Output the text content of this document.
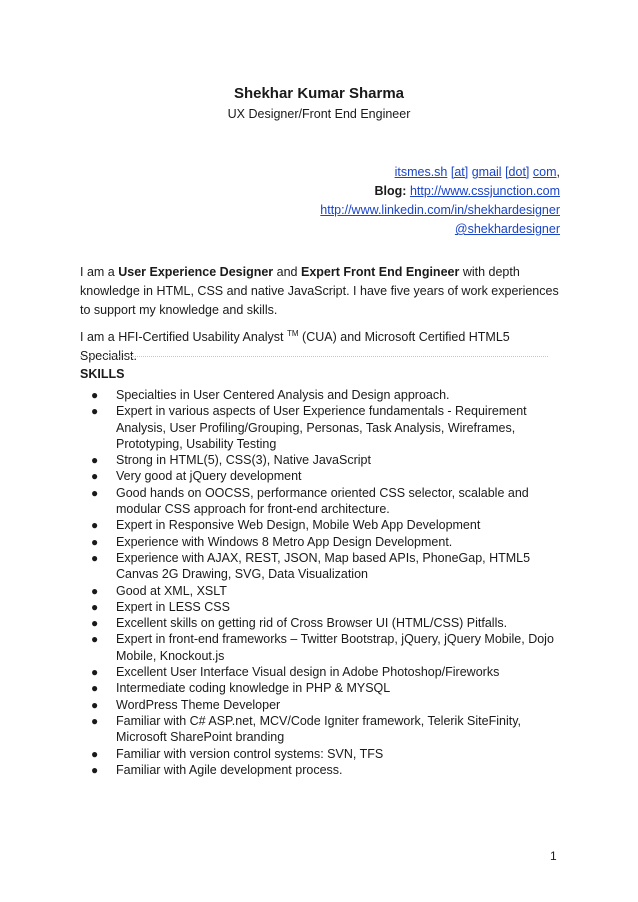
Shekhar Kumar Sharma
UX Designer/Front End Engineer
itsmes.sh [at] gmail [dot] com,
Blog: http://www.cssjunction.com
http://www.linkedin.com/in/shekhardesigner
@shekhardesigner
I am a User Experience Designer and Expert Front End Engineer with depth knowledge in HTML, CSS and native JavaScript. I have five years of work experiences to support my knowledge and skills.
I am a HFI-Certified Usability Analyst ™ (CUA) and Microsoft Certified HTML5 Specialist.
SKILLS
● Specialties in User Centered Analysis and Design approach.
● Expert in various aspects of User Experience fundamentals - Requirement Analysis, User Profiling/Grouping, Personas, Task Analysis, Wireframes, Prototyping, Usability Testing
● Strong in HTML(5), CSS(3), Native JavaScript
● Very good at jQuery development
● Good hands on OOCSS, performance oriented CSS selector, scalable and modular CSS approach for front-end architecture.
● Expert in Responsive Web Design, Mobile Web App Development
● Experience with Windows 8 Metro App Design Development.
● Experience with AJAX, REST, JSON, Map based APIs, PhoneGap, HTML5 Canvas 2G Drawing, SVG, Data Visualization
● Good at XML, XSLT
● Expert in LESS CSS
● Excellent skills on getting rid of Cross Browser UI (HTML/CSS) Pitfalls.
● Expert in front-end frameworks – Twitter Bootstrap, jQuery, jQuery Mobile, Dojo Mobile, Knockout.js
● Excellent User Interface Visual design in Adobe Photoshop/Fireworks
● Intermediate coding knowledge in PHP & MYSQL
● WordPress Theme Developer
● Familiar with C# ASP.net, MCV/Code Igniter framework, Telerik SiteFinity, Microsoft SharePoint branding
● Familiar with version control systems: SVN, TFS
● Familiar with Agile development process.
1
